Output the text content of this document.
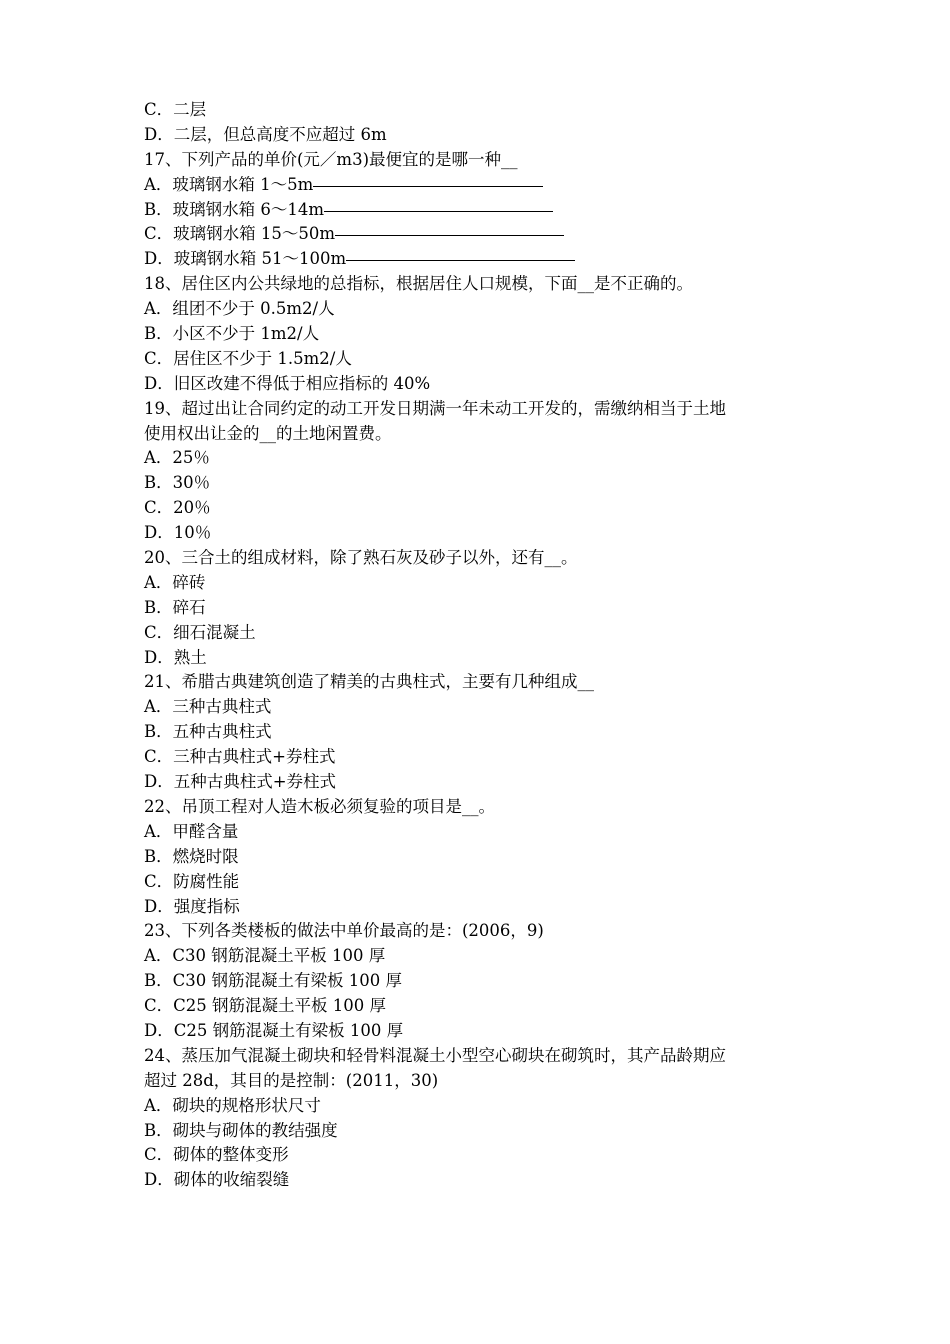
C．二层
D．二层，但总高度不应超过 6m
17、下列产品的单价(元／m3)最便宜的是哪一种__
A．玻璃钢水箱 1～5m
B．玻璃钢水箱 6～14m
C．玻璃钢水箱 15～50m
D．玻璃钢水箱 51～100m
18、居住区内公共绿地的总指标，根据居住人口规模，下面__是不正确的。
A．组团不少于 0.5m2/人
B．小区不少于 1m2/人
C．居住区不少于 1.5m2/人
D．旧区改建不得低于相应指标的 40%
19、超过出让合同约定的动工开发日期满一年未动工开发的，需缴纳相当于土地
使用权出让金的__的土地闲置费。
A．25％
B．30％
C．20％
D．10％
20、三合土的组成材料，除了熟石灰及砂子以外，还有__。
A．碎砖
B．碎石
C．细石混凝土
D．熟土
21、希腊古典建筑创造了精美的古典柱式，主要有几种组成__
A．三种古典柱式
B．五种古典柱式
C．三种古典柱式+券柱式
D．五种古典柱式+券柱式
22、吊顶工程对人造木板必须复验的项目是__。
A．甲醛含量
B．燃烧时限
C．防腐性能
D．强度指标
23、下列各类楼板的做法中单价最高的是：(2006，9)
A．C30 钢筋混凝土平板 100 厚
B．C30 钢筋混凝土有梁板 100 厚
C．C25 钢筋混凝土平板 100 厚
D．C25 钢筋混凝土有梁板 100 厚
24、蒸压加气混凝土砌块和轻骨料混凝土小型空心砌块在砌筑时，其产品龄期应
超过 28d，其目的是控制：(2011，30)
A．砌块的规格形状尺寸
B．砌块与砌体的教结强度
C．砌体的整体变形
D．砌体的收缩裂缝
